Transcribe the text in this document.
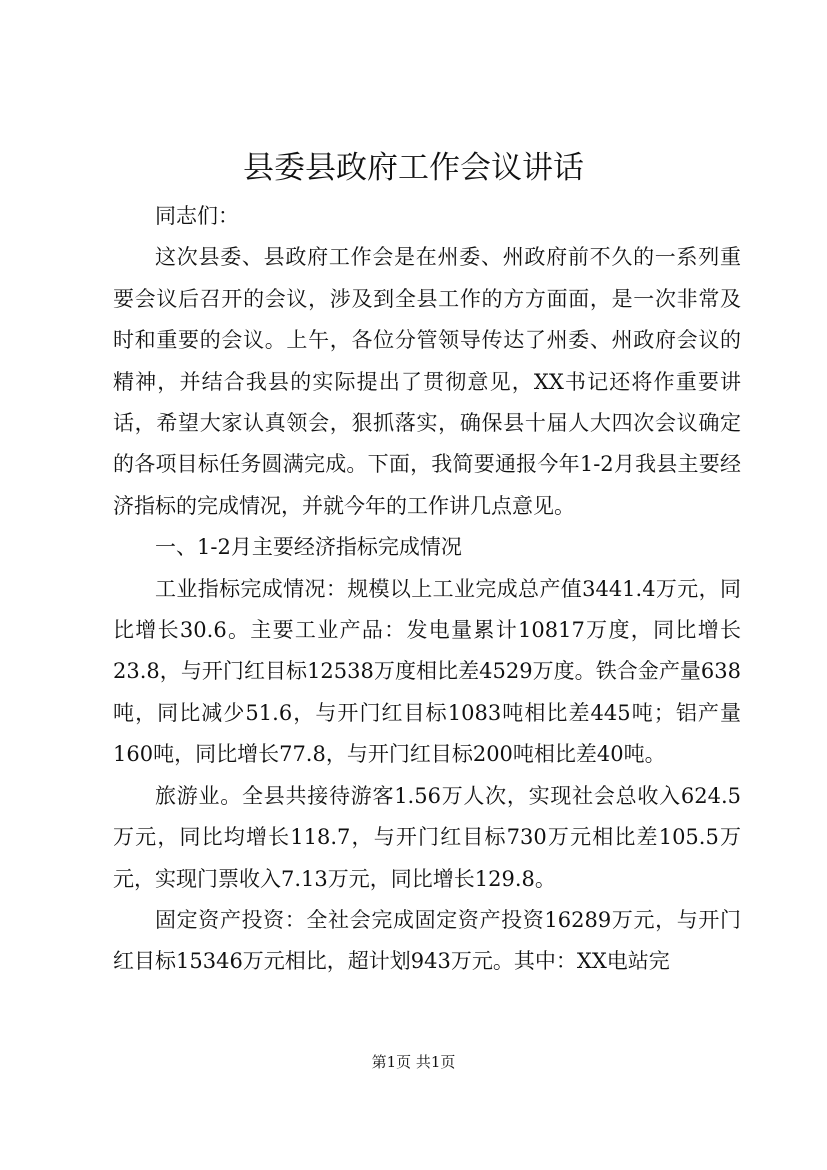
县委县政府工作会议讲话

同志们：

这次县委、县政府工作会是在州委、州政府前不久的一系列重要会议后召开的会议，涉及到全县工作的方方面面，是一次非常及时和重要的会议。上午，各位分管领导传达了州委、州政府会议的精神，并结合我县的实际提出了贯彻意见，XX书记还将作重要讲话，希望大家认真领会，狠抓落实，确保县十届人大四次会议确定的各项目标任务圆满完成。下面，我简要通报今年1-2月我县主要经济指标的完成情况，并就今年的工作讲几点意见。

一、1-2月主要经济指标完成情况

工业指标完成情况：规模以上工业完成总产值3441.4万元，同比增长30.6。主要工业产品：发电量累计10817万度，同比增长23.8，与开门红目标12538万度相比差4529万度。铁合金产量638吨，同比减少51.6，与开门红目标1083吨相比差445吨；铝产量160吨，同比增长77.8，与开门红目标200吨相比差40吨。

旅游业。全县共接待游客1.56万人次，实现社会总收入624.5万元，同比均增长118.7，与开门红目标730万元相比差105.5万元，实现门票收入7.13万元，同比增长129.8。

固定资产投资：全社会完成固定资产投资16289万元，与开门红目标15346万元相比，超计划943万元。其中：XX电站完

第1页 共1页
